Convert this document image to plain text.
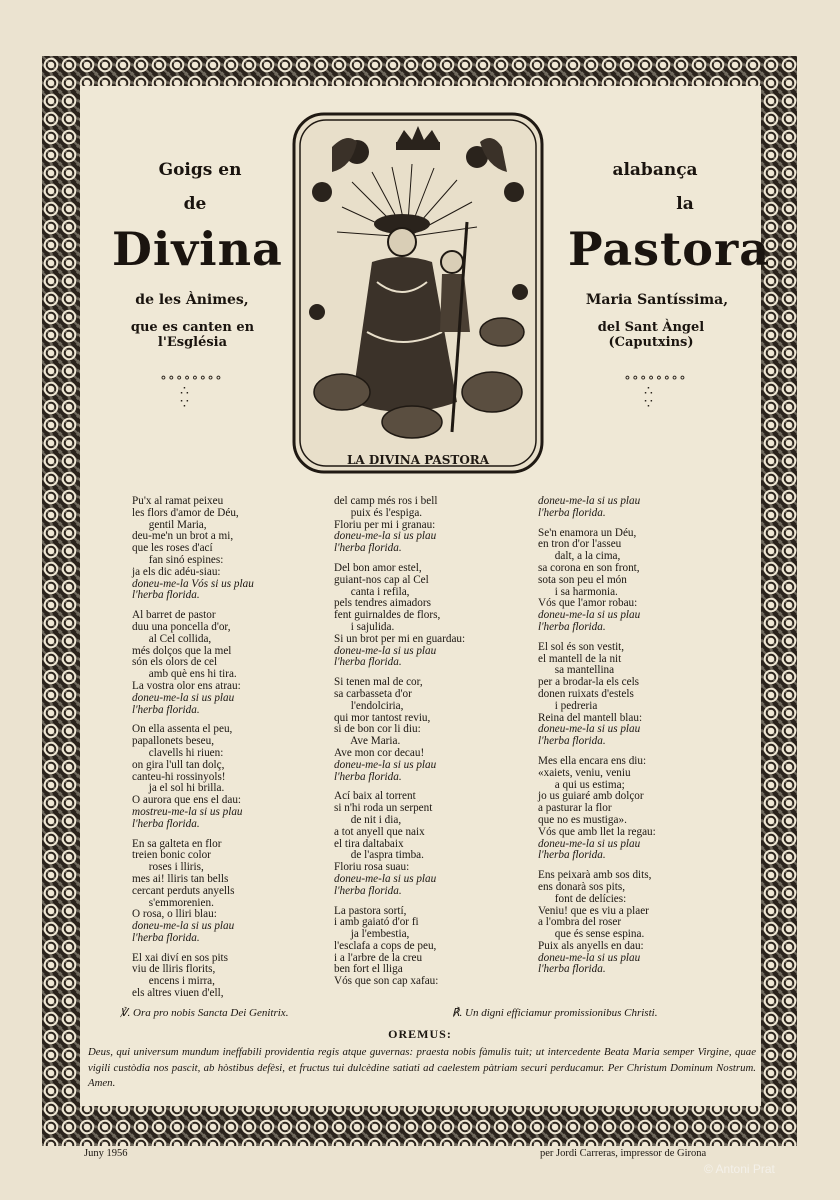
Goigs en
de
Divina
de les Ànimes,
que es canten en l'Església
alabança
la
Pastora
Maria Santíssima,
del Sant Àngel (Caputxins)
∘∘∘∘∘∘∘∘
∴
∵
∘∘∘∘∘∘∘∘
∴
∵
LA DIVINA PASTORA
Pu'x al ramat peixeu
les flors d'amor de Déu,
gentil Maria,
deu-me'n un brot a mi,
que les roses d'ací
fan sinó espines:
ja els dic adéu-siau:
doneu-me-la Vós si us plau
l'herba florida.
Al barret de pastor
duu una poncella d'or,
al Cel collida,
més dolços que la mel
són els olors de cel
amb què ens hi tira.
La vostra olor ens atrau:
doneu-me-la si us plau
l'herba florida.
On ella assenta el peu,
papallonets beseu,
clavells hi riuen:
on gira l'ull tan dolç,
canteu-hi rossinyols!
ja el sol hi brilla.
O aurora que ens el dau:
mostreu-me-la si us plau
l'herba florida.
En sa galteta en flor
treien bonic color
roses i lliris,
mes ai! lliris tan bells
cercant perduts anyells
s'emmorenien.
O rosa, o lliri blau:
doneu-me-la si us plau
l'herba florida.
El xai diví en sos pits
viu de lliris florits,
encens i mirra,
els altres viuen d'ell,
del camp més ros i bell
puix és l'espiga.
Floriu per mi i granau:
doneu-me-la si us plau
l'herba florida.
Del bon amor estel,
guiant-nos cap al Cel
canta i refila,
pels tendres aimadors
fent guirnaldes de flors,
i sajulida.
Si un brot per mi en guardau:
doneu-me-la si us plau
l'herba florida.
Si tenen mal de cor,
sa carbasseta d'or
l'endolciria,
qui mor tantost reviu,
si de bon cor li diu:
Ave Maria.
Ave mon cor decau!
doneu-me-la si us plau
l'herba florida.
Ací baix al torrent
si n'hi roda un serpent
de nit i dia,
a tot anyell que naix
el tira daltabaix
de l'aspra timba.
Floriu rosa suau:
doneu-me-la si us plau
l'herba florida.
La pastora sortí,
i amb gaiató d'or fi
ja l'embestia,
l'esclafa a cops de peu,
i a l'arbre de la creu
ben fort el lliga
Vós que son cap xafau:
doneu-me-la si us plau
l'herba florida.
Se'n enamora un Déu,
en tron d'or l'asseu
dalt, a la cima,
sa corona en son front,
sota son peu el món
i sa harmonia.
Vós que l'amor robau:
doneu-me-la si us plau
l'herba florida.
El sol és son vestit,
el mantell de la nit
sa mantellina
per a brodar-la els cels
donen ruixats d'estels
i pedreria
Reina del mantell blau:
doneu-me-la si us plau
l'herba florida.
Mes ella encara ens diu:
«xaiets, veniu, veniu
a qui us estima;
jo us guiaré amb dolçor
a pasturar la flor
que no es mustiga».
Vós que amb llet la regau:
doneu-me-la si us plau
l'herba florida.
Ens peixarà amb sos dits,
ens donarà sos pits,
font de delícies:
Veniu! que es viu a plaer
a l'ombra del roser
que és sense espina.
Puix als anyells en dau:
doneu-me-la si us plau
l'herba florida.
℣. Ora pro nobis Sancta Dei Genitrix.	℟. Un digni efficiamur promissionibus Christi.
OREMUS:
Deus, qui universum mundum ineffabili providentia regis atque guvernas: praesta nobis fàmulis tuit; ut intercedente Beata Maria semper Virgine, quae vigili custòdia nos pascit, ab hòstibus defèsi, et fructus tui dulcèdine satiati ad caelestem pàtriam securi perducamur. Per Christum Dominum Nostrum. Amen.
Juny 1956	per Jordi Carreras, impressor de Girona
© Antoni Prat
